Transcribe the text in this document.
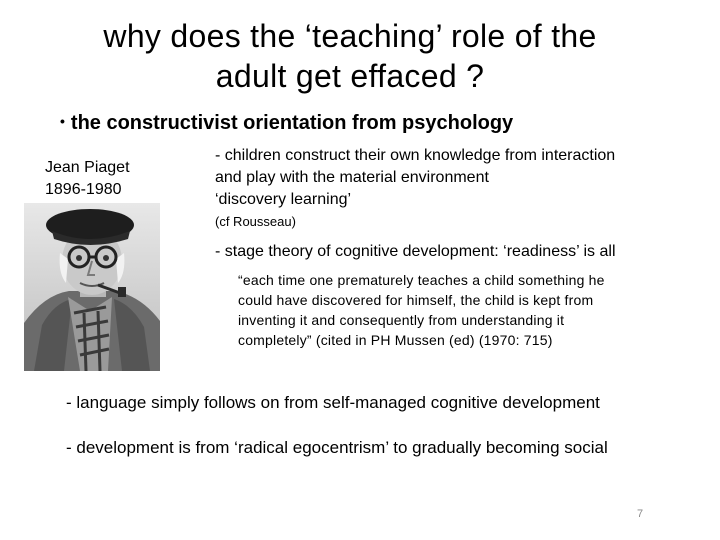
why does the ‘teaching’ role of the
adult get effaced ?
• the constructivist orientation from psychology
Jean Piaget
1896-1980
- children construct their own knowledge from interaction
and play with the material environment
‘discovery learning’
(cf Rousseau)
- stage theory of cognitive development: ‘readiness’ is all
“each time one prematurely teaches a child something he
could have discovered for himself, the child is kept from
inventing it and consequently from understanding it
completely” (cited in PH Mussen (ed) (1970: 715)
- language simply follows on from self-managed cognitive development
- development is from ‘radical egocentrism’ to gradually becoming social
7
